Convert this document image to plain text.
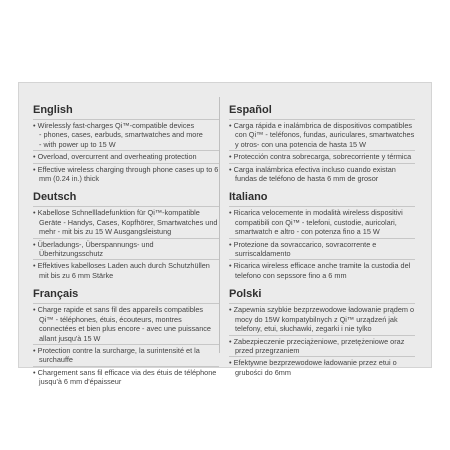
English
• Wirelessly fast-charges Qi™-compatible devices
- phones, cases, earbuds, smartwatches and more
- with power up to 15 W
• Overload, overcurrent and overheating protection
• Effective wireless charging through phone cases up to 6 mm (0.24 in.) thick
Deutsch
• Kabellose Schnellladefunktion für Qi™-kompatible Geräte - Handys, Cases, Kopfhörer, Smartwatches und mehr - mit bis zu 15 W Ausgangsleistung
• Überladungs-, Überspannungs- und Überhitzungsschutz
• Effektives kabelloses Laden auch durch Schutzhüllen mit bis zu 6 mm Stärke
Français
• Charge rapide et sans fil des appareils compatibles Qi™ - téléphones, étuis, écouteurs, montres connectées et bien plus encore - avec une puissance allant jusqu'à 15 W
• Protection contre la surcharge, la surintensité et la surchauffe
• Chargement sans fil efficace via des étuis de téléphone jusqu'à 6 mm d'épaisseur
Español
• Carga rápida e inalámbrica de dispositivos compatibles con Qi™ - teléfonos, fundas, auriculares, smartwatches y otros- con una potencia de hasta 15 W
• Protección contra sobrecarga, sobrecorriente y térmica
• Carga inalámbrica efectiva incluso cuando existan fundas de teléfono de hasta 6 mm de grosor
Italiano
• Ricarica velocemente in modalità wireless dispositivi compatibili con Qi™ - telefoni, custodie, auricolari, smartwatch e altro - con potenza fino a 15 W
• Protezione da sovraccarico, sovracorrente e surriscaldamento
• Ricarica wireless efficace anche tramite la custodia del telefono con sepssore fino a 6 mm
Polski
• Zapewnia szybkie bezprzewodowe ładowanie prądem o mocy do 15W kompatybilnych z Qi™ urządzeń jak telefony, etui, słuchawki, zegarki i nie tylko
• Zabezpieczenie przeciążeniowe, przetężeniowe oraz przed przegrzaniem
• Efektywne bezprzewodowe ładowanie przez etui o grubości do 6mm
